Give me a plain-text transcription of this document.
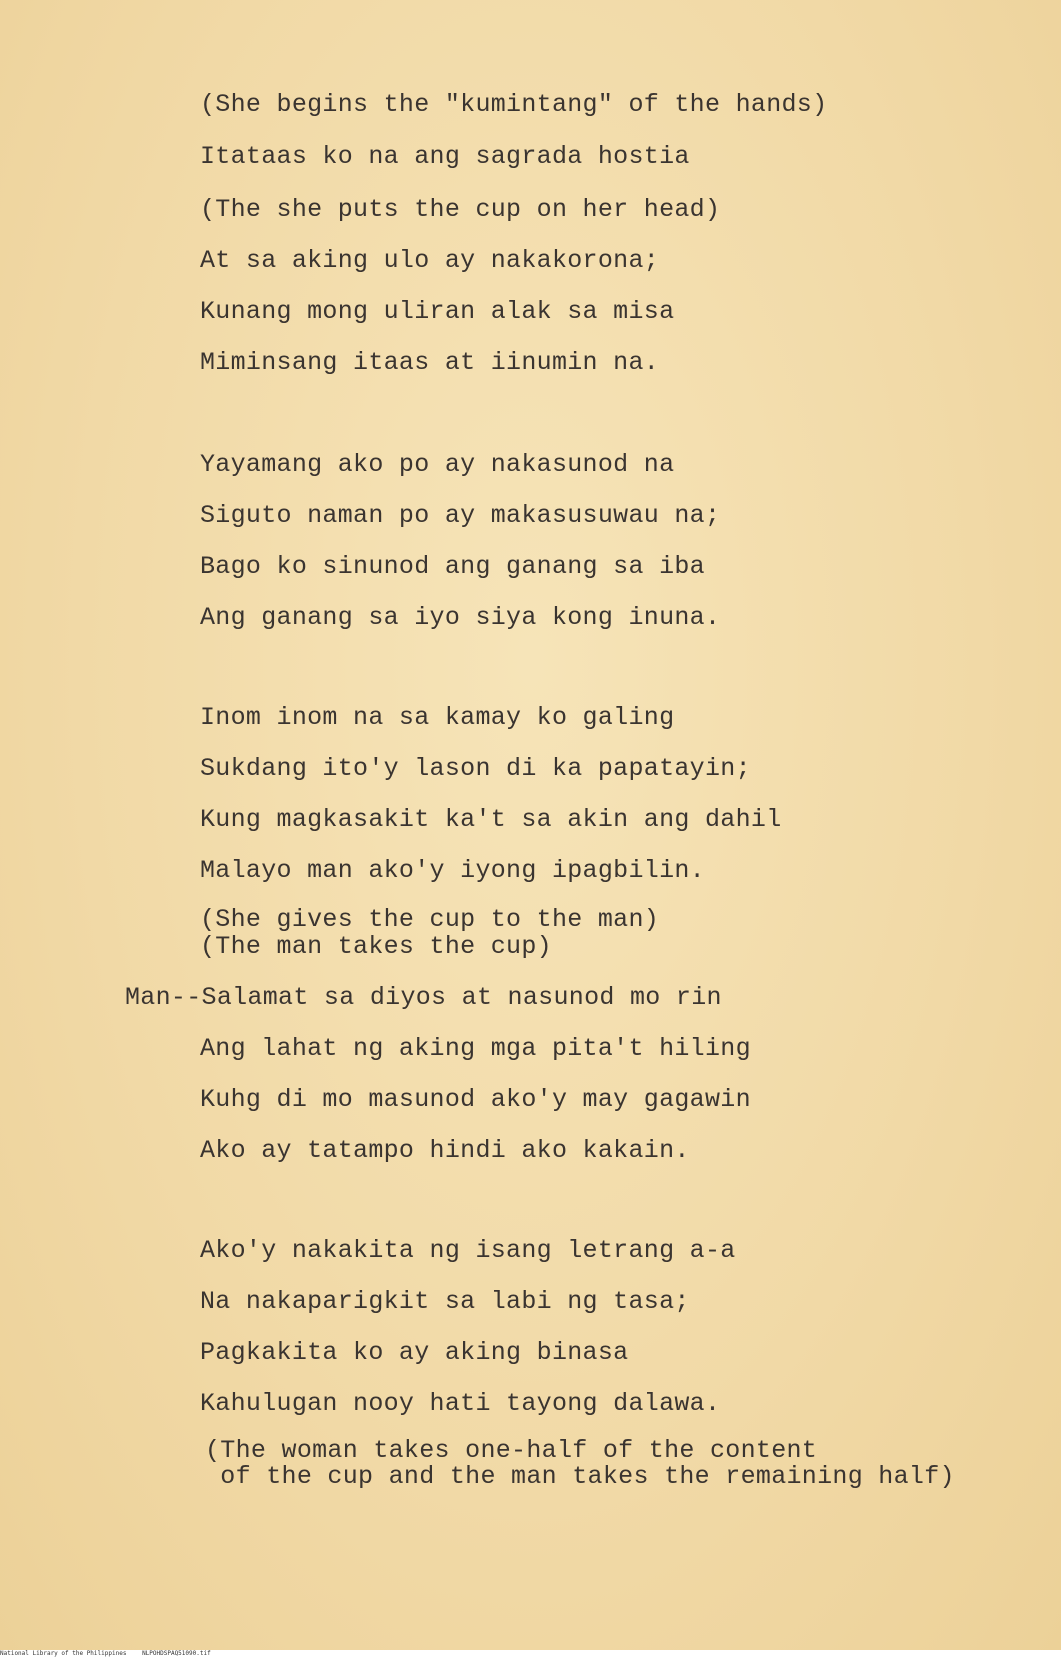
(She begins the "kumintang" of the hands)
Itataas ko na ang sagrada hostia
(The she puts the cup on her head)
At sa aking ulo ay nakakorona;
Kunang mong uliran alak sa misa
Miminsang itaas at iinumin na.
Yayamang ako po ay nakasunod na
Siguto naman po ay makasusuwau na;
Bago ko sinunod ang ganang sa iba
Ang ganang sa iyo siya kong inuna.
Inom inom na sa kamay ko galing
Sukdang ito'y lason di ka papatayin;
Kung magkasakit ka't sa akin ang dahil
Malayo man ako'y iyong ipagbilin.
(She gives the cup to the man)
(The man takes the cup)
Man--Salamat sa diyos at nasunod mo rin
Ang lahat ng aking mga pita't hiling
Kuhg di mo masunod ako'y may gagawin
Ako ay tatampo hindi ako kakain.
Ako'y nakakita ng isang letrang a-a
Na nakaparigkit sa labi ng tasa;
Pagkakita ko ay aking binasa
Kahulugan nooy hati tayong dalawa.
(The woman takes one-half of the content
of the cup and the man takes the remaining half)
National Library of the Philippines	NLPOHDSPAQ51090.tif
